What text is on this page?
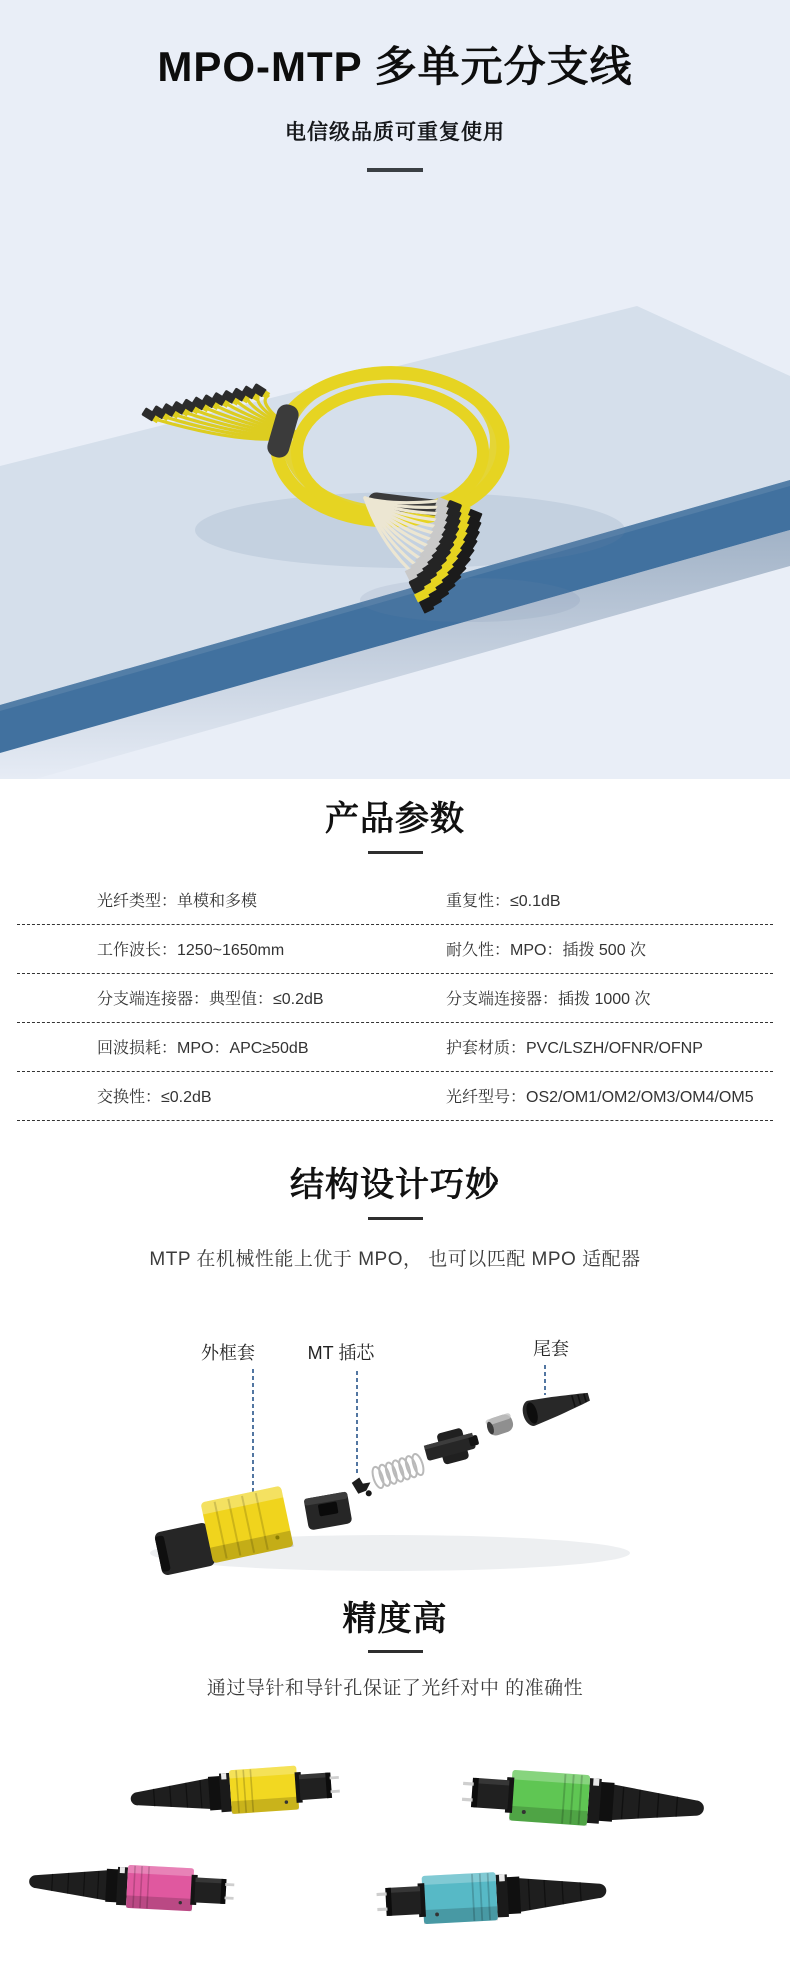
MPO-MTP 多单元分支线
电信级品质可重复使用
产品参数
光纤类型：单模和多模	重复性：≤0.1dB
工作波长：1250~1650mm	耐久性：MPO：插拨 500 次
分支端连接器：典型值：≤0.2dB	分支端连接器：插拨 1000 次
回波损耗：MPO：APC≥50dB	护套材质：PVC/LSZH/OFNR/OFNP
交换性：≤0.2dB	光纤型号：OS2/OM1/OM2/OM3/OM4/OM5
结构设计巧妙

MTP 在机械性能上优于 MPO， 也可以匹配 MPO 适配器

外框套	MT 插芯	尾套
精度高

通过导针和导针孔保证了光纤对中 的准确性
